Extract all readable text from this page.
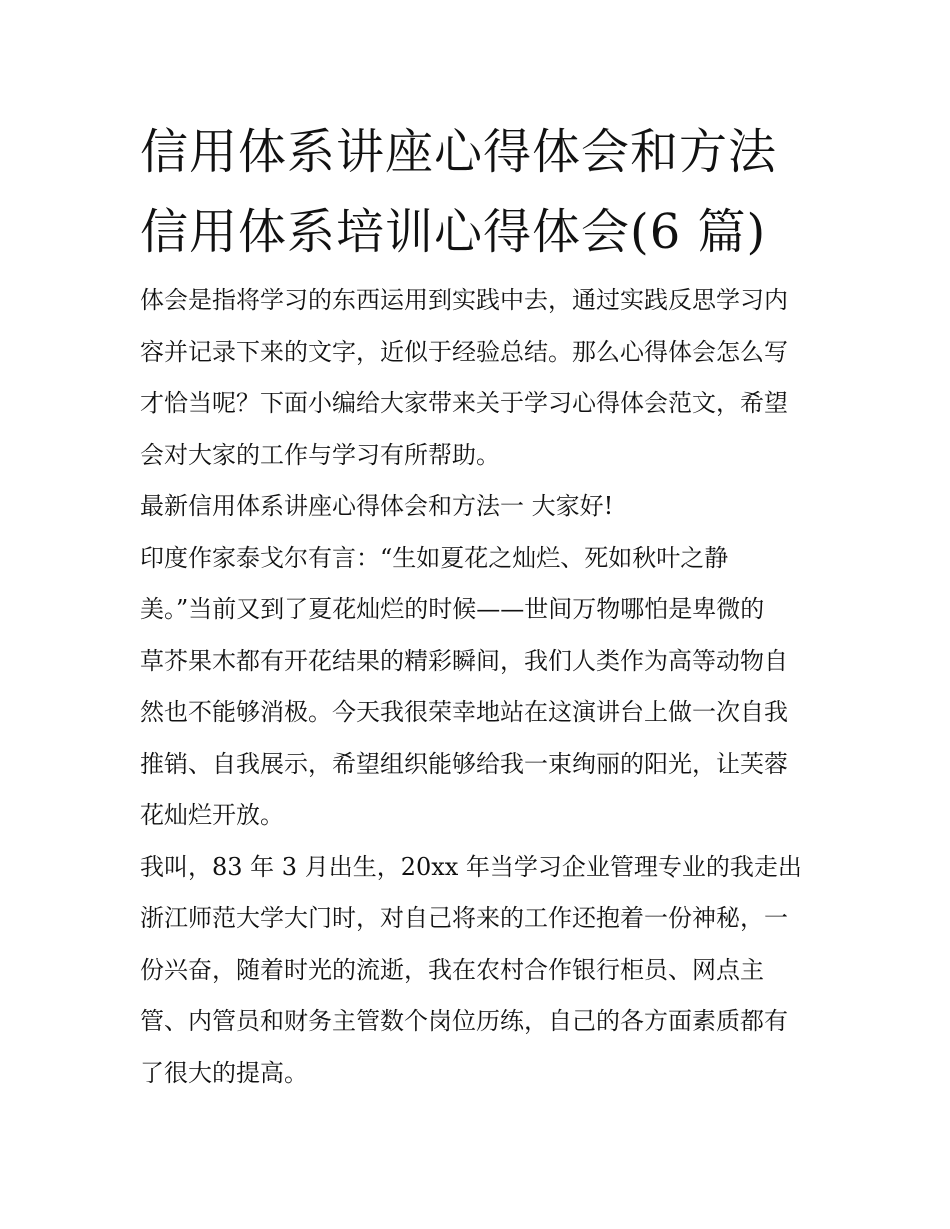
信用体系讲座心得体会和方法
信用体系培训心得体会(6 篇)
体会是指将学习的东西运用到实践中去，通过实践反思学习内
容并记录下来的文字，近似于经验总结。那么心得体会怎么写
才恰当呢？下面小编给大家带来关于学习心得体会范文，希望
会对大家的工作与学习有所帮助。
最新信用体系讲座心得体会和方法一 大家好!
印度作家泰戈尔有言：“生如夏花之灿烂、死如秋叶之静
美。”当前又到了夏花灿烂的时候——世间万物哪怕是卑微的
草芥果木都有开花结果的精彩瞬间，我们人类作为高等动物自
然也不能够消极。今天我很荣幸地站在这演讲台上做一次自我
推销、自我展示，希望组织能够给我一束绚丽的阳光，让芙蓉
花灿烂开放。
我叫，83 年 3 月出生，20xx 年当学习企业管理专业的我走出
浙江师范大学大门时，对自己将来的工作还抱着一份神秘，一
份兴奋，随着时光的流逝，我在农村合作银行柜员、网点主
管、内管员和财务主管数个岗位历练，自己的各方面素质都有
了很大的提高。
